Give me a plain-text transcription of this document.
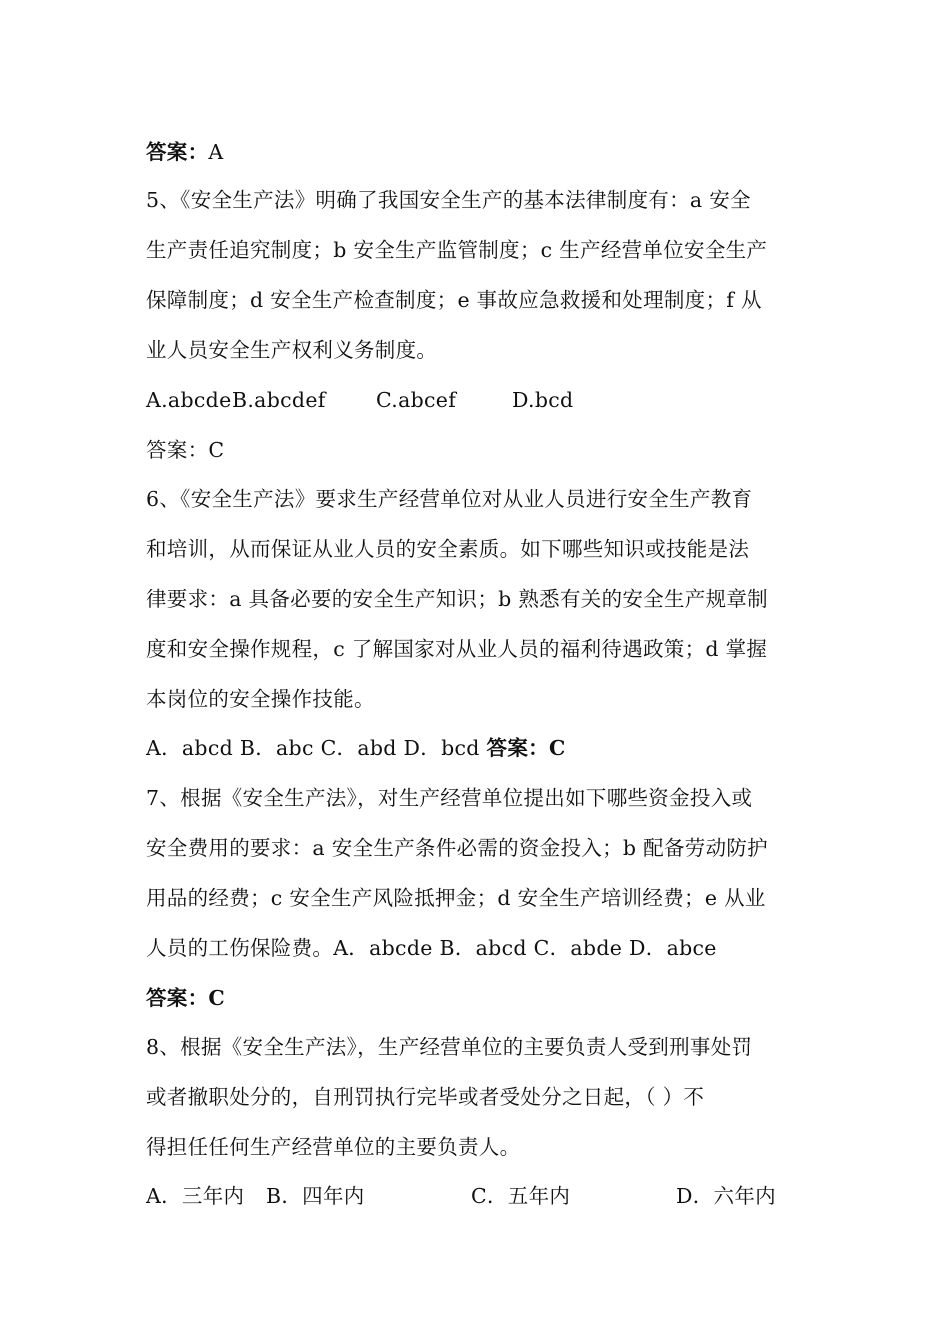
答案：A
5、《安全生产法》明确了我国安全生产的基本法律制度有：a 安全
生产责任追究制度；b 安全生产监管制度；c 生产经营单位安全生产
保障制度；d 安全生产检查制度；e 事故应急救援和处理制度；f 从
业人员安全生产权利义务制度。
A.abcde B.abcdef C.abcef	D.bcd
答案：C
6、《安全生产法》要求生产经营单位对从业人员进行安全生产教育
和培训，从而保证从业人员的安全素质。如下哪些知识或技能是法
律要求：a 具备必要的安全生产知识；b 熟悉有关的安全生产规章制
度和安全操作规程，c 了解国家对从业人员的福利待遇政策；d 掌握
本岗位的安全操作技能。
A．abcd B．abc C．abd D．bcd 答案：C
7、根据《安全生产法》，对生产经营单位提出如下哪些资金投入或
安全费用的要求：a 安全生产条件必需的资金投入；b 配备劳动防护
用品的经费；c 安全生产风险抵押金；d 安全生产培训经费；e 从业
人员的工伤保险费。A．abcde B．abcd C．abde D．abce
答案：C
8、根据《安全生产法》，生产经营单位的主要负责人受到刑事处罚
或者撤职处分的，自刑罚执行完毕或者受处分之日起，（ ）不
得担任任何生产经营单位的主要负责人。
A．三年内 B．四年内	C．五年内	D．六年内
